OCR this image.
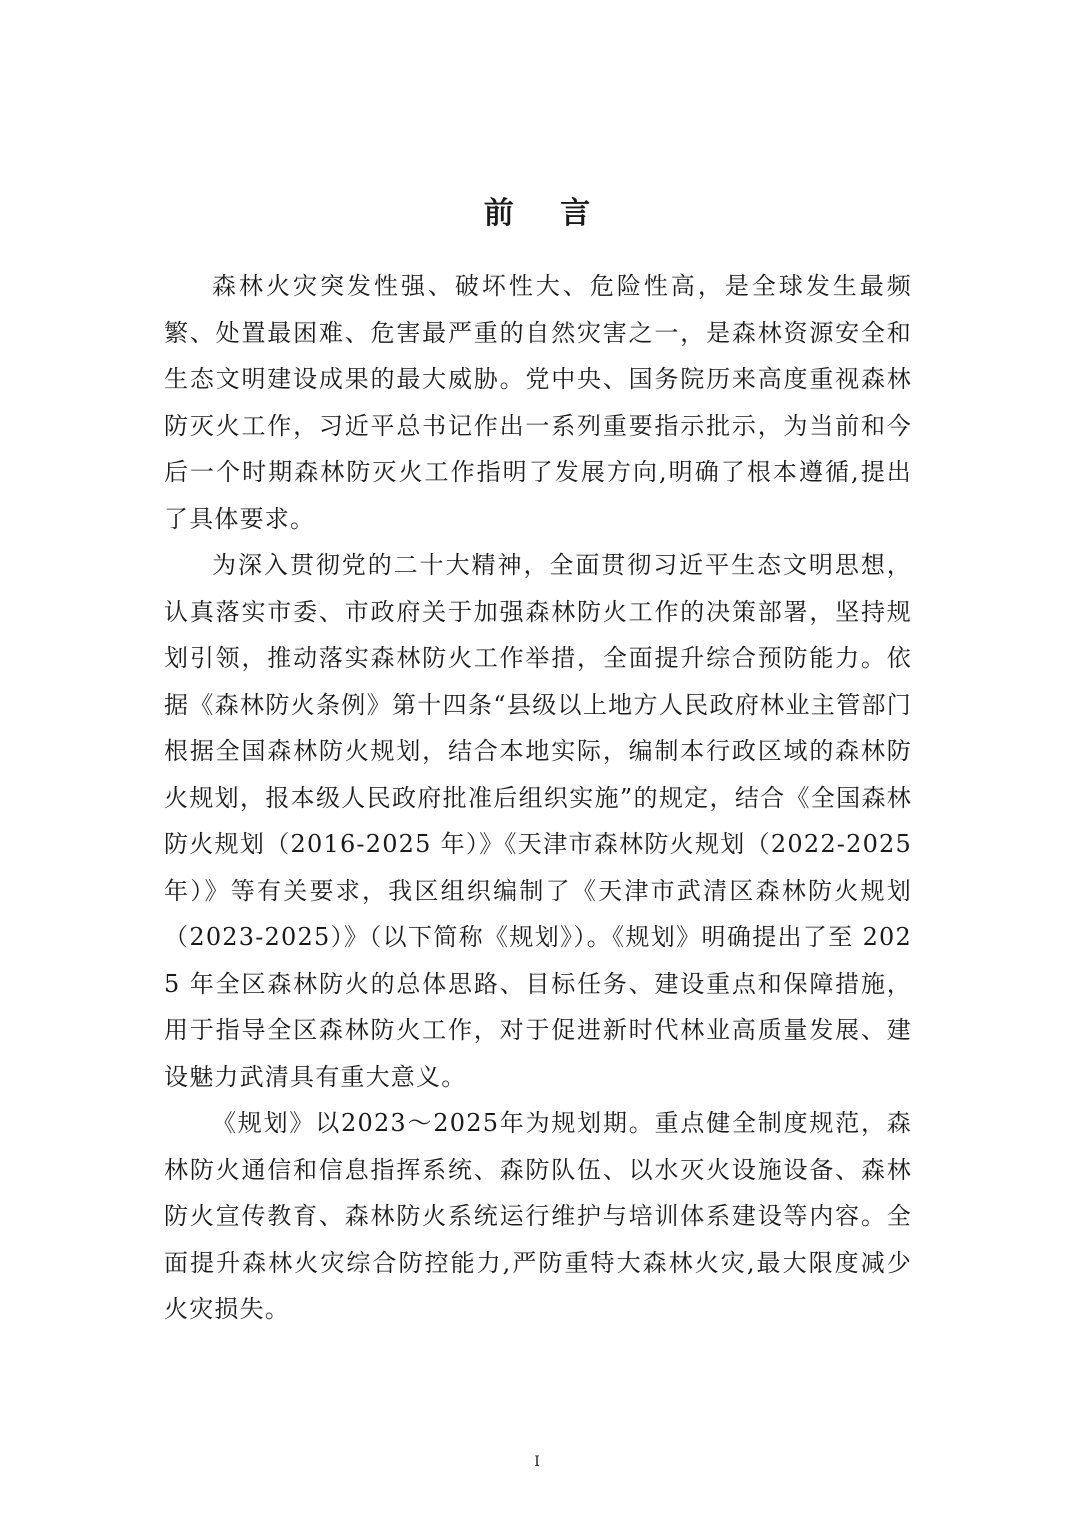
前 言

森林火灾突发性强、破坏性大、危险性高，是全球发生最频繁、处置最困难、危害最严重的自然灾害之一，是森林资源安全和生态文明建设成果的最大威胁。党中央、国务院历来高度重视森林防灭火工作，习近平总书记作出一系列重要指示批示，为当前和今后一个时期森林防灭火工作指明了发展方向,明确了根本遵循,提出了具体要求。

为深入贯彻党的二十大精神，全面贯彻习近平生态文明思想，认真落实市委、市政府关于加强森林防火工作的决策部署，坚持规划引领，推动落实森林防火工作举措，全面提升综合预防能力。依据《森林防火条例》第十四条“县级以上地方人民政府林业主管部门根据全国森林防火规划，结合本地实际，编制本行政区域的森林防火规划，报本级人民政府批准后组织实施”的规定，结合《全国森林防火规划（2016-2025 年）》《天津市森林防火规划（2022-2025 年）》等有关要求，我区组织编制了《天津市武清区森林防火规划（2023-2025）》（以下简称《规划》）。《规划》明确提出了至 2025 年全区森林防火的总体思路、目标任务、建设重点和保障措施，用于指导全区森林防火工作，对于促进新时代林业高质量发展、建设魅力武清具有重大意义。

《规划》以2023～2025年为规划期。重点健全制度规范，森林防火通信和信息指挥系统、森防队伍、以水灭火设施设备、森林防火宣传教育、森林防火系统运行维护与培训体系建设等内容。全面提升森林火灾综合防控能力,严防重特大森林火灾,最大限度减少火灾损失。

I
